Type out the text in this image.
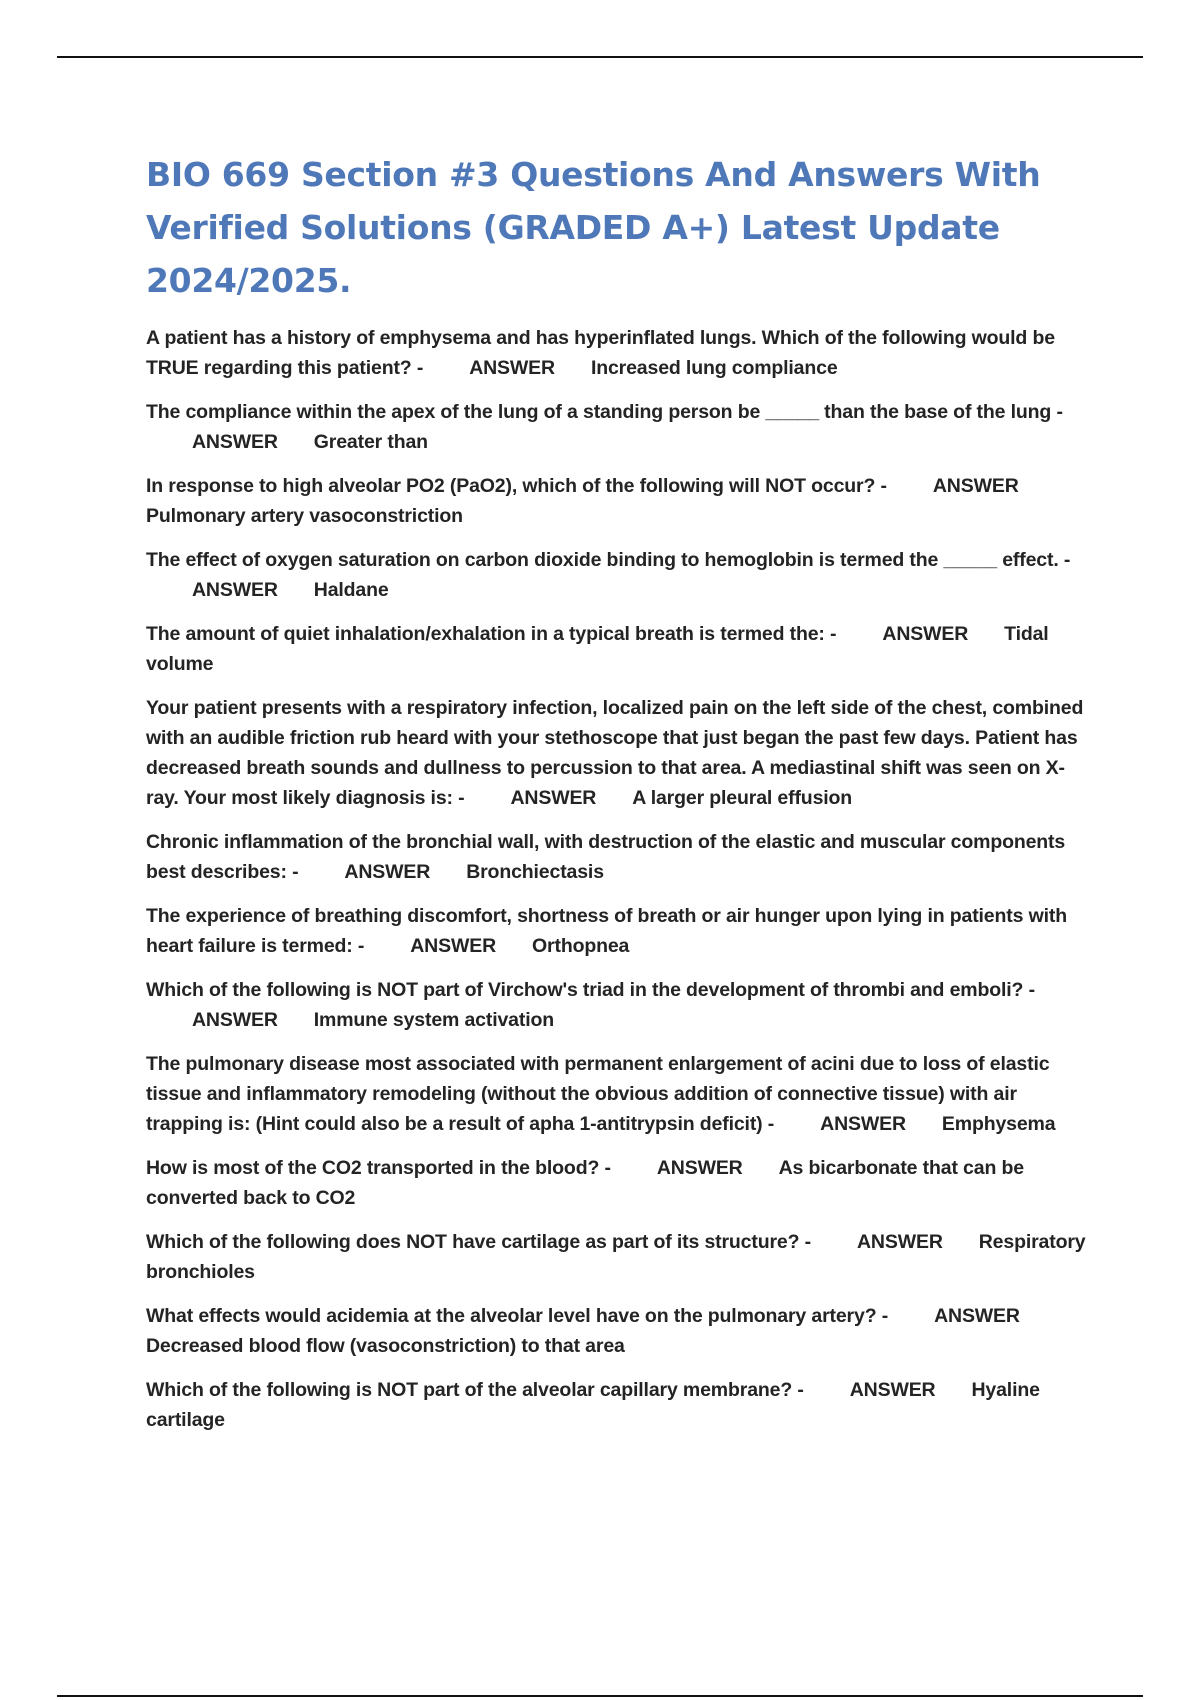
BIO 669 Section #3 Questions And Answers With Verified Solutions (GRADED A+) Latest Update 2024/2025.

A patient has a history of emphysema and has hyperinflated lungs. Which of the following would be TRUE regarding this patient? - ANSWER Increased lung compliance

The compliance within the apex of the lung of a standing person be _____ than the base of the lung -ANSWER Greater than

In response to high alveolar PO2 (PaO2), which of the following will NOT occur? - ANSWERPulmonary artery vasoconstriction

The effect of oxygen saturation on carbon dioxide binding to hemoglobin is termed the _____ effect. -ANSWER Haldane

The amount of quiet inhalation/exhalation in a typical breath is termed the: - ANSWER Tidal volume

Your patient presents with a respiratory infection, localized pain on the left side of the chest, combined with an audible friction rub heard with your stethoscope that just began the past few days. Patient has decreased breath sounds and dullness to percussion to that area. A mediastinal shift was seen on X-ray. Your most likely diagnosis is: - ANSWER A larger pleural effusion

Chronic inflammation of the bronchial wall, with destruction of the elastic and muscular components best describes: - ANSWER Bronchiectasis

The experience of breathing discomfort, shortness of breath or air hunger upon lying in patients with heart failure is termed: - ANSWER Orthopnea

Which of the following is NOT part of Virchow's triad in the development of thrombi and emboli? -ANSWER Immune system activation

The pulmonary disease most associated with permanent enlargement of acini due to loss of elastic tissue and inflammatory remodeling (without the obvious addition of connective tissue) with air trapping is: (Hint could also be a result of apha 1-antitrypsin deficit) - ANSWER Emphysema

How is most of the CO2 transported in the blood? - ANSWER As bicarbonate that can be converted back to CO2

Which of the following does NOT have cartilage as part of its structure? - ANSWER Respiratory bronchioles

What effects would acidemia at the alveolar level have on the pulmonary artery? - ANSWERDecreased blood flow (vasoconstriction) to that area

Which of the following is NOT part of the alveolar capillary membrane? - ANSWER Hyaline cartilage
